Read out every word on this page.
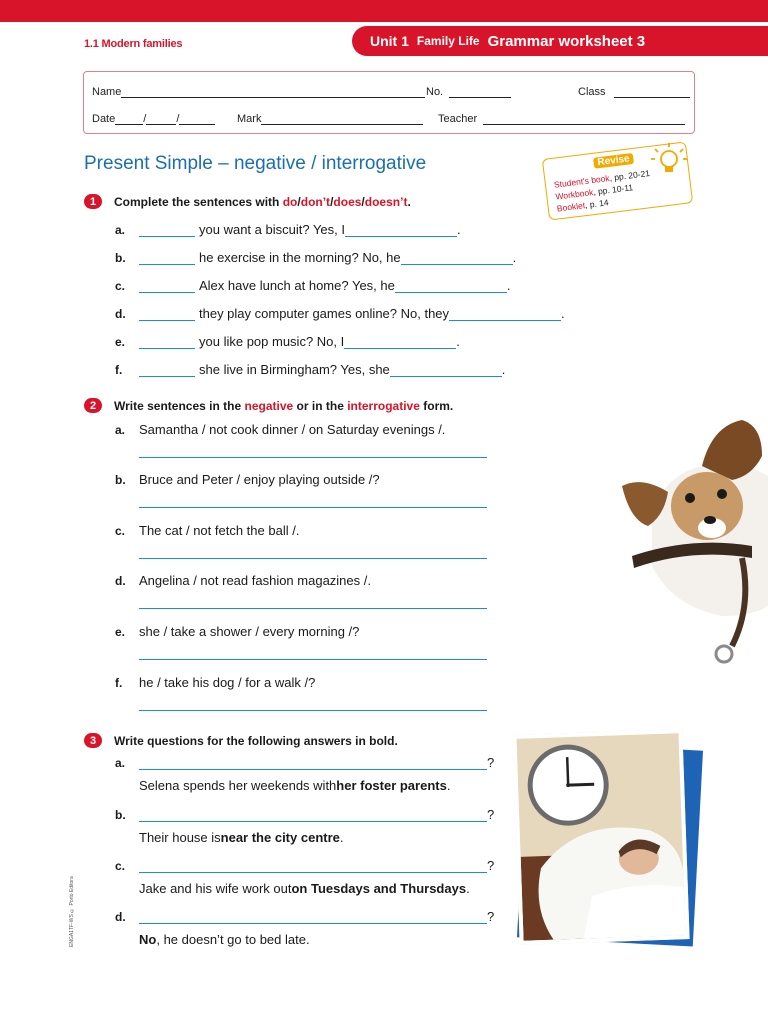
1.1 Modern families	Unit 1 Family Life Grammar worksheet 3
Name	No.	Class
Date	/	/	Mark	Teacher
Present Simple – negative / interrogative	Revise
Student's book, pp. 20-21
Workbook, pp. 10-11
Booklet, p. 14
1	Complete the sentences with
do / don’t / does / doesn’t .
a.	you want a biscuit? Yes, I	.
b.	he exercise in the morning? No, he	.
c.	Alex have lunch at home? Yes, he	.
d.	they play computer games online? No, they	.
e.	you like pop music? No, I	.
f.	she live in Birmingham? Yes, she	.
2	Write sentences in the
negative
or in the
interrogative
form.
a.	Samantha / not cook dinner / on Saturday evenings /.
b.	Bruce and Peter / enjoy playing outside /?
c.	The cat / not fetch the ball /.
d.	Angelina / not read fashion magazines /.
e.	she / take a shower / every morning /?
f.	he / take his dog / for a walk /?
3	Write questions for the following answers in bold.
a.	?
Selena spends her weekends with her foster parents .
b.	?
Their house is near the city centre .
c.	?
Jake and his wife work out on Tuesdays and Thursdays .
d.	?
No , he doesn’t go to bed late.
ENGA1TF-WS © Porto Editora
